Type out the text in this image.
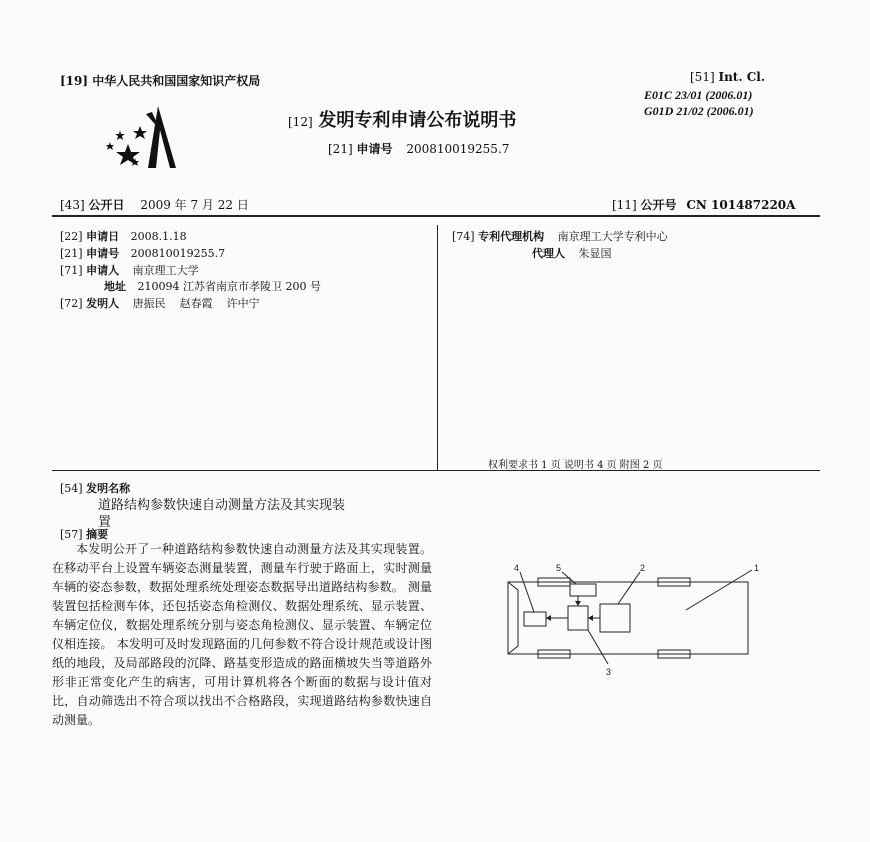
[19] 中华人民共和国国家知识产权局
[12] 发明专利申请公布说明书
[21] 申请号 200810019255.7
[51] Int. Cl.
E01C 23/01 (2006.01)
G01D 21/02 (2006.01)
[43] 公开日 2009 年 7 月 22 日	[11] 公开号 CN 101487220A
[22] 申请日 2008.1.18
[21] 申请号 200810019255.7
[71] 申请人 南京理工大学
地址 210094 江苏省南京市孝陵卫 200 号
[72] 发明人 唐振民    赵春霞    许中宁
[74] 专利代理机构 南京理工大学专利中心
代理人 朱显国
权利要求书 1 页 说明书 4 页 附图 2 页
[54] 发明名称
道路结构参数快速自动测量方法及其实现装
置
[57] 摘要

本发明公开了一种道路结构参数快速自动测量方法及其实现装置。 在移动平台上设置车辆姿态测量装置，测量车行驶于路面上，实时测量车辆的姿态参数，数据处理系统处理姿态数据导出道路结构参数。 测量装置包括检测车体，还包括姿态角检测仪、数据处理系统、显示装置、车辆定位仪，数据处理系统分别与姿态角检测仪、显示装置、车辆定位仪相连接。 本发明可及时发现路面的几何参数不符合设计规范或设计图纸的地段，及局部路段的沉降、路基变形造成的路面横坡失当等道路外形非正常变化产生的病害，可用计算机将各个断面的数据与设计值对比，自动筛选出不符合项以找出不合格路段，实现道路结构参数快速自动测量。

1
2
3
4	5
